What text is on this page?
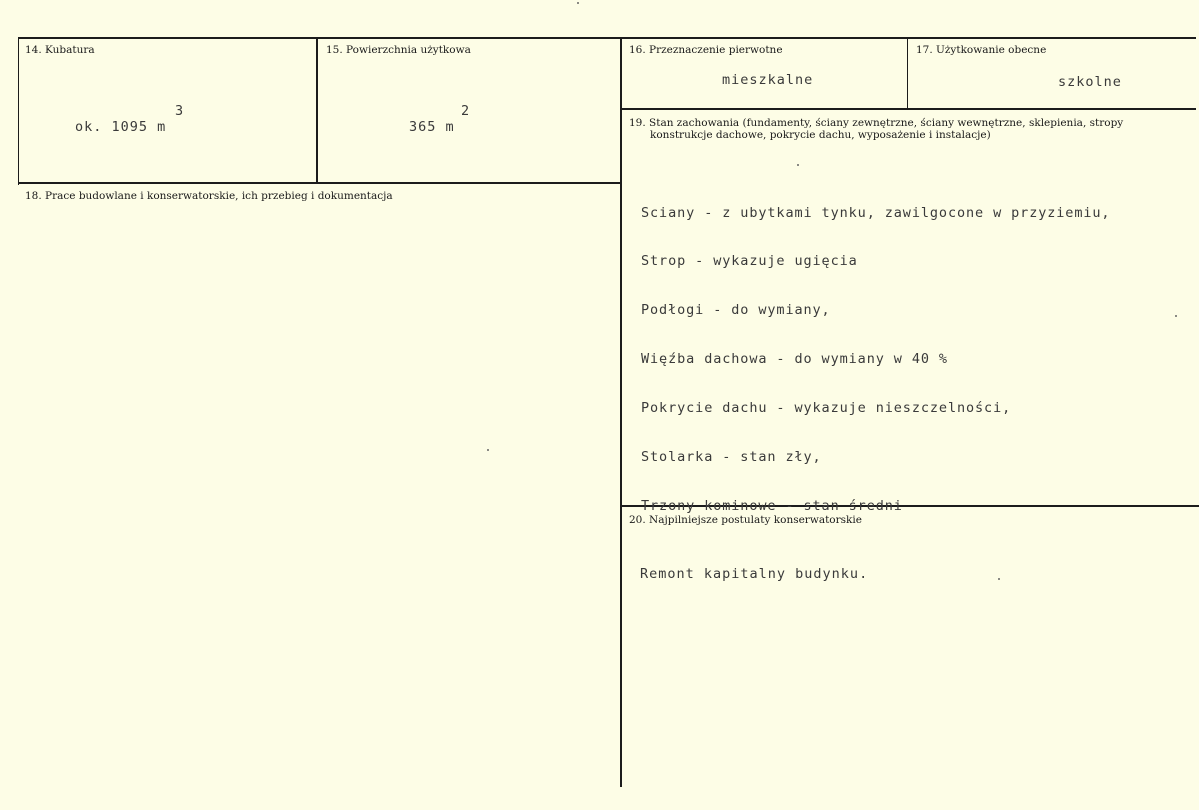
14. Kubatura
3
ok. 1095 m
15. Powierzchnia użytkowa
2
365 m
16. Przeznaczenie pierwotne
mieszkalne
17. Użytkowanie obecne
szkolne
18. Prace budowlane i konserwatorskie, ich przebieg i dokumentacja
19. Stan zachowania (fundamenty, ściany zewnętrzne, ściany wewnętrzne, sklepienia, stropy
konstrukcje dachowe, pokrycie dachu, wyposażenie i instalacje)

Sciany - z ubytkami tynku, zawilgocone w przyziemiu,

Strop - wykazuje ugięcia

Podłogi - do wymiany,

Więźba dachowa - do wymiany w 40 %

Pokrycie dachu - wykazuje nieszczelności,

Stolarka - stan zły,

Trzony kominowe - stan średni

20. Najpilniejsze postulaty konserwatorskie
Remont kapitalny budynku.
